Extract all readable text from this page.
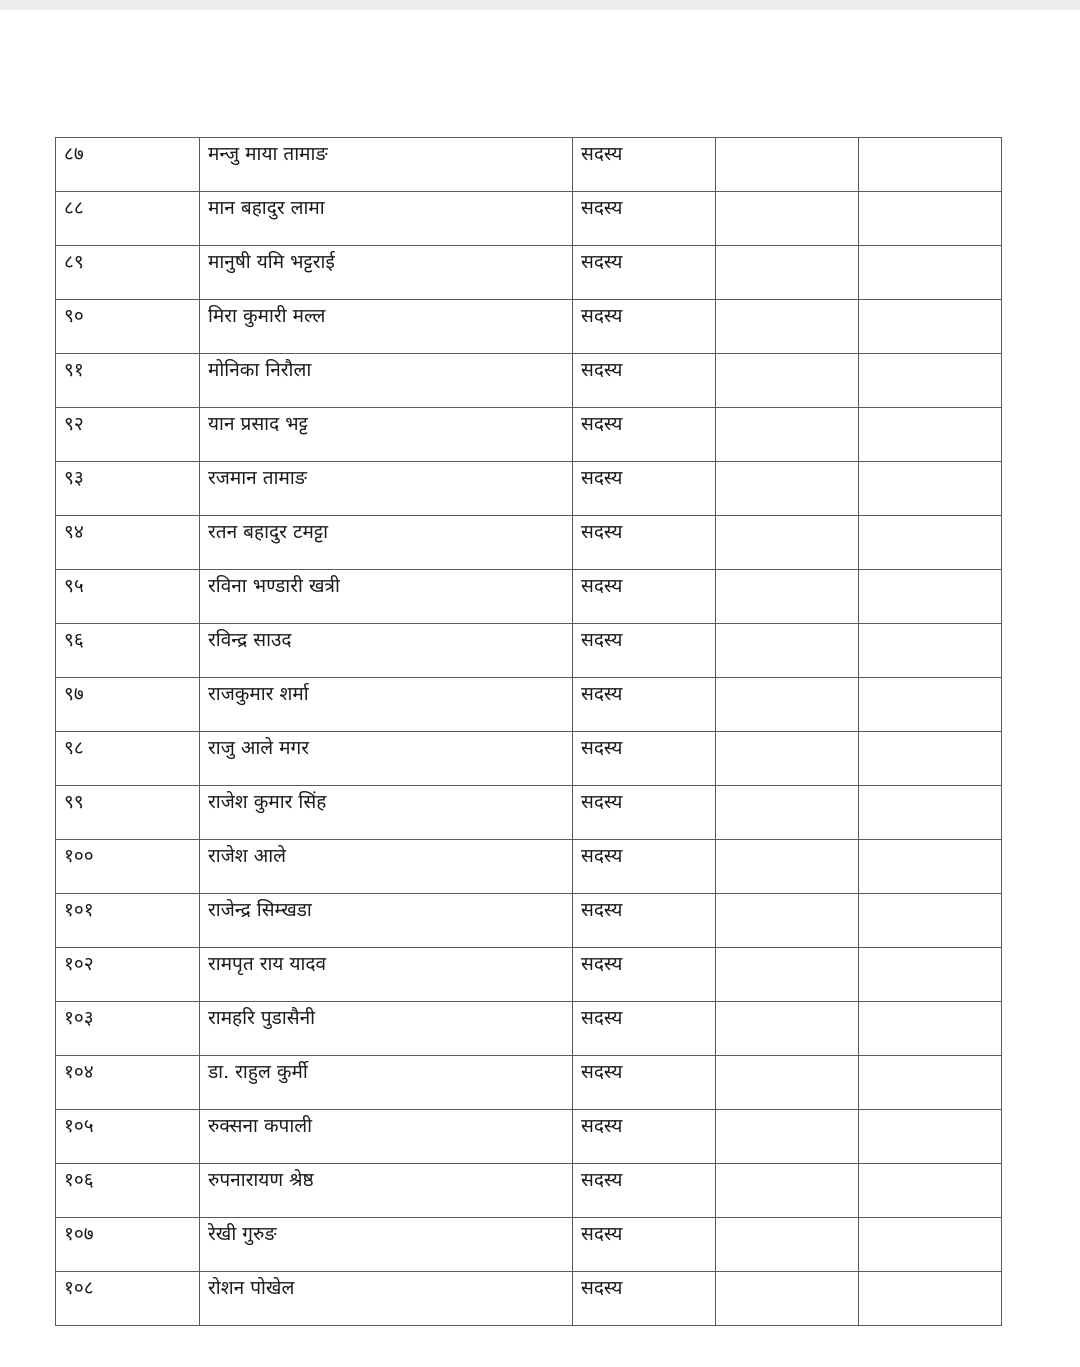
८७	मन्जु माया तामाङ	सदस्य		
८८	मान बहादुर लामा	सदस्य		
८९	मानुषी यमि भट्टराई	सदस्य		
९०	मिरा कुमारी मल्ल	सदस्य		
९१	मोनिका निरौला	सदस्य		
९२	यान प्रसाद भट्ट	सदस्य		
९३	रजमान तामाङ	सदस्य		
९४	रतन बहादुर टमट्टा	सदस्य		
९५	रविना भण्डारी खत्री	सदस्य		
९६	रविन्द्र साउद	सदस्य		
९७	राजकुमार शर्मा	सदस्य		
९८	राजु आले मगर	सदस्य		
९९	राजेश कुमार सिंह	सदस्य		
१००	राजेश आले	सदस्य		
१०१	राजेन्द्र सिम्खडा	सदस्य		
१०२	रामपृत राय यादव	सदस्य		
१०३	रामहरि पुडासैनी	सदस्य		
१०४	डा. राहुल कुर्मी	सदस्य		
१०५	रुक्सना कपाली	सदस्य		
१०६	रुपनारायण श्रेष्ठ	सदस्य		
१०७	रेखी गुरुङ	सदस्य		
१०८	रोशन पोखेल	सदस्य		
